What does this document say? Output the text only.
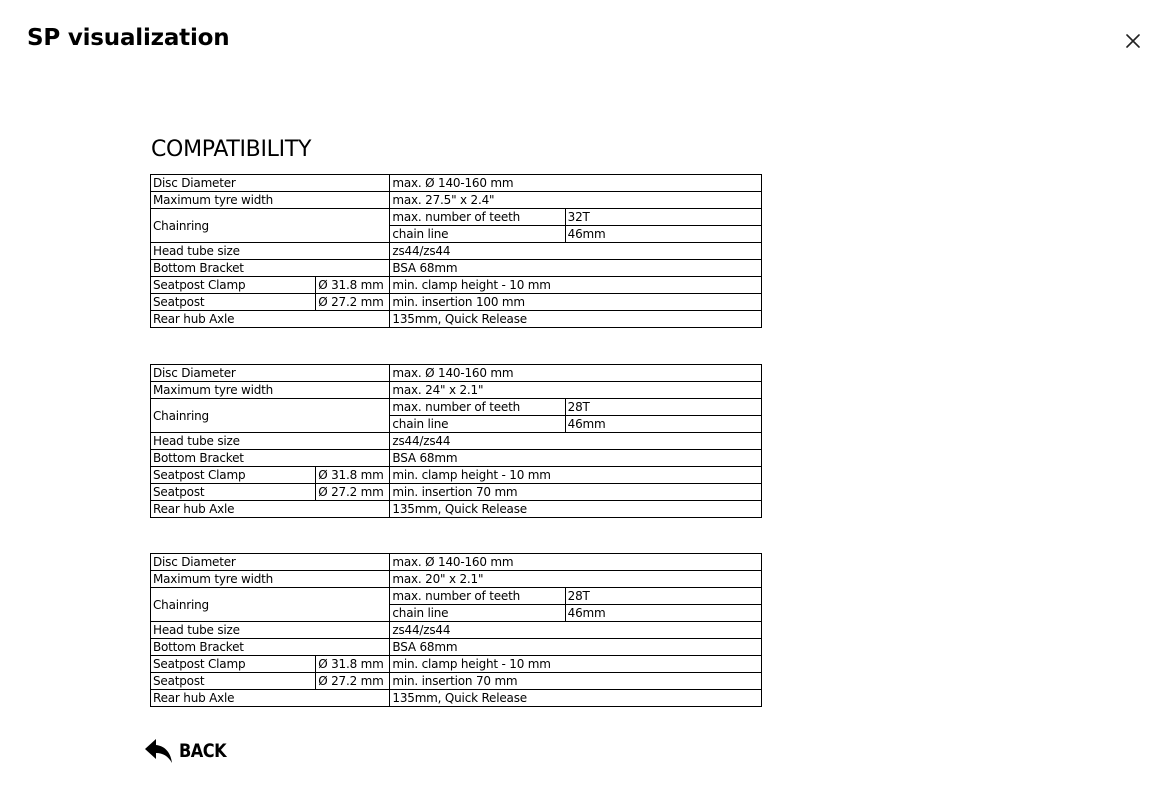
SP visualization
COMPATIBILITY
Disc Diameter		max. Ø 140-160 mm	
Maximum tyre width		max. 27.5" x 2.4"	
Chainring		max. number of teeth	32T
		chain line	46mm
Head tube size		zs44/zs44	
Bottom Bracket		BSA 68mm	
Seatpost Clamp	Ø 31.8 mm	min. clamp height - 10 mm	
Seatpost	Ø 27.2 mm	min. insertion 100 mm	
Rear hub Axle		135mm, Quick Release	
Disc Diameter		max. Ø 140-160 mm	
Maximum tyre width		max. 24" x 2.1"	
Chainring		max. number of teeth	28T
		chain line	46mm
Head tube size		zs44/zs44	
Bottom Bracket		BSA 68mm	
Seatpost Clamp	Ø 31.8 mm	min. clamp height - 10 mm	
Seatpost	Ø 27.2 mm	min. insertion 70 mm	
Rear hub Axle		135mm, Quick Release	
Disc Diameter		max. Ø 140-160 mm	
Maximum tyre width		max. 20" x 2.1"	
Chainring		max. number of teeth	28T
		chain line	46mm
Head tube size		zs44/zs44	
Bottom Bracket		BSA 68mm	
Seatpost Clamp	Ø 31.8 mm	min. clamp height - 10 mm	
Seatpost	Ø 27.2 mm	min. insertion 70 mm	
Rear hub Axle		135mm, Quick Release	
BACK
